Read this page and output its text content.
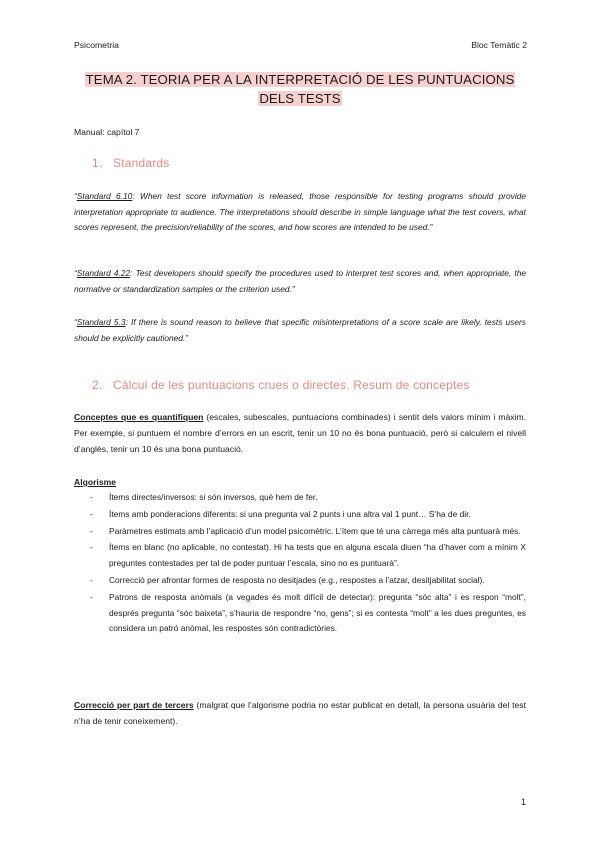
Psicometria	Bloc Temàtic 2
TEMA 2. TEORIA PER A LA INTERPRETACIÓ DE LES PUNTUACIONS
DELS TESTS
Manual: capítol 7
1. Standards
“Standard 6.10: When test score information is released, those responsible for testing programs should provide interpretation appropriate to audience. The interpretations should describe in simple language what the test covers, what scores represent, the precision/reliability of the scores, and how scores are intended to be used.”
“Standard 4.22: Test developers should specify the procedures used to interpret test scores and, when appropriate, the normative or standardization samples or the criterion used.”
“Standard 5.3: If there is sound reason to believe that specific misinterpretations of a score scale are likely, tests users should be explicitly cautioned.”
2. Càlcul de les puntuacions crues o directes. Resum de conceptes
Conceptes que es quantifiquen (escales, subescales, puntuacions combinades) i sentit dels valors mínim i màxim. Per exemple, si puntuem el nombre d’errors en un escrit, tenir un 10 no és bona puntuació, però si calculem el nivell d’anglès, tenir un 10 és una bona puntuació.
Algorisme
- Ítems directes/inversos: si són inversos, què hem de fer.
- Ítems amb ponderacions diferents: si una pregunta val 2 punts i una altra val 1 punt… S’ha de dir.
- Paràmetres estimats amb l’aplicació d’un model psicomètric. L’ítem que té una càrrega més alta puntuarà més.
- Ítems en blanc (no aplicable, no contestat). Hi ha tests que en alguna escala diuen “ha d’haver com a mínim X preguntes contestades per tal de poder puntuar l’escala, sino no es puntuarà”.
- Correcció per afrontar formes de resposta no desitjades (e.g., respostes a l’atzar, desitjabilitat social).
- Patrons de resposta anòmals (a vegades és molt difícil de detectar): pregunta “sóc alta” i es respon “molt”, després pregunta “sóc baixeta”, s’hauria de respondre “no, gens”; si es contesta “molt” a les dues preguntes, es considera un patró anòmal, les respostes són contradictòries.
Correcció per part de tercers (malgrat que l’algorisme podria no estar publicat en detall, la persona usuària del test n’ha de tenir coneixement).
1
